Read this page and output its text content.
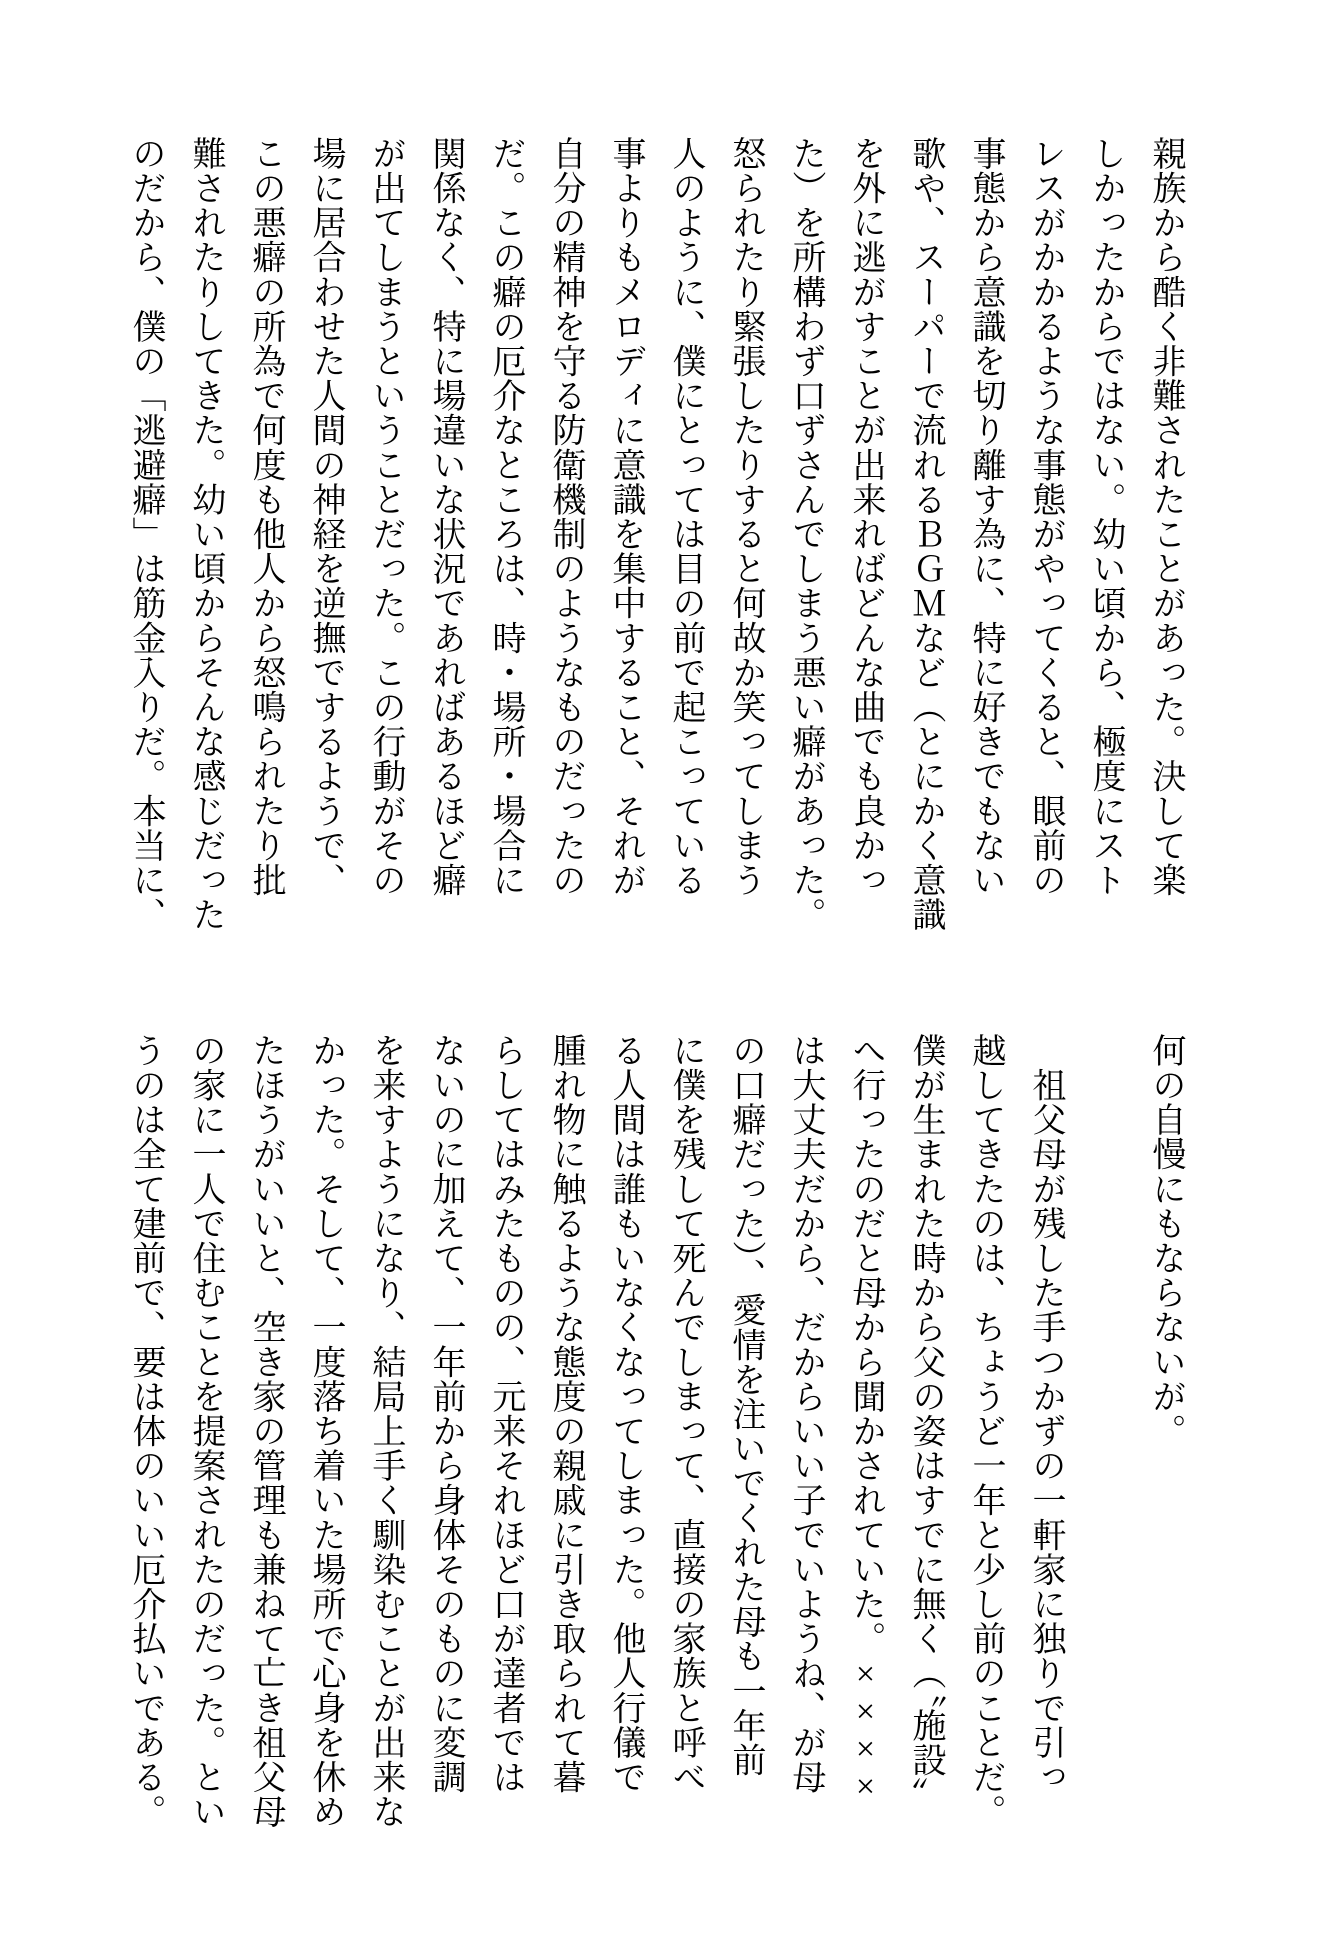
親族から酷く非難されたことがあった。決して楽
しかったからではない。幼い頃から、極度にスト
レスがかかるような事態がやってくると、眼前の
事態から意識を切り離す為に、特に好きでもない
歌や、スーパーで流れるＢＧＭなど（とにかく意識
を外に逃がすことが出来ればどんな曲でも良かっ
た）を所構わず口ずさんでしまう悪い癖があった。
怒られたり緊張したりすると何故か笑ってしまう
人のように、僕にとっては目の前で起こっている
事よりもメロディに意識を集中すること、それが
自分の精神を守る防衛機制のようなものだったの
だ。この癖の厄介なところは、時・場所・場合に
関係なく、特に場違いな状況であればあるほど癖
が出てしまうということだった。この行動がその
場に居合わせた人間の神経を逆撫でするようで、
この悪癖の所為で何度も他人から怒鳴られたり批
難されたりしてきた。幼い頃からそんな感じだった
のだから、僕の「逃避癖」は筋金入りだ。本当に、
何の自慢にもならないが。
　祖父母が残した手つかずの一軒家に独りで引っ
越してきたのは、ちょうど一年と少し前のことだ。
僕が生まれた時から父の姿はすでに無く（〝施設〟
へ行ったのだと母から聞かされていた。××××
は大丈夫だから、だからいい子でいようね、が母
の口癖だった）、愛情を注いでくれた母も一年前
に僕を残して死んでしまって、直接の家族と呼べ
る人間は誰もいなくなってしまった。他人行儀で
腫れ物に触るような態度の親戚に引き取られて暮
らしてはみたものの、元来それほど口が達者では
ないのに加えて、一年前から身体そのものに変調
を来すようになり、結局上手く馴染むことが出来な
かった。そして、一度落ち着いた場所で心身を休め
たほうがいいと、空き家の管理も兼ねて亡き祖父母
の家に一人で住むことを提案されたのだった。とい
うのは全て建前で、要は体のいい厄介払いである。
